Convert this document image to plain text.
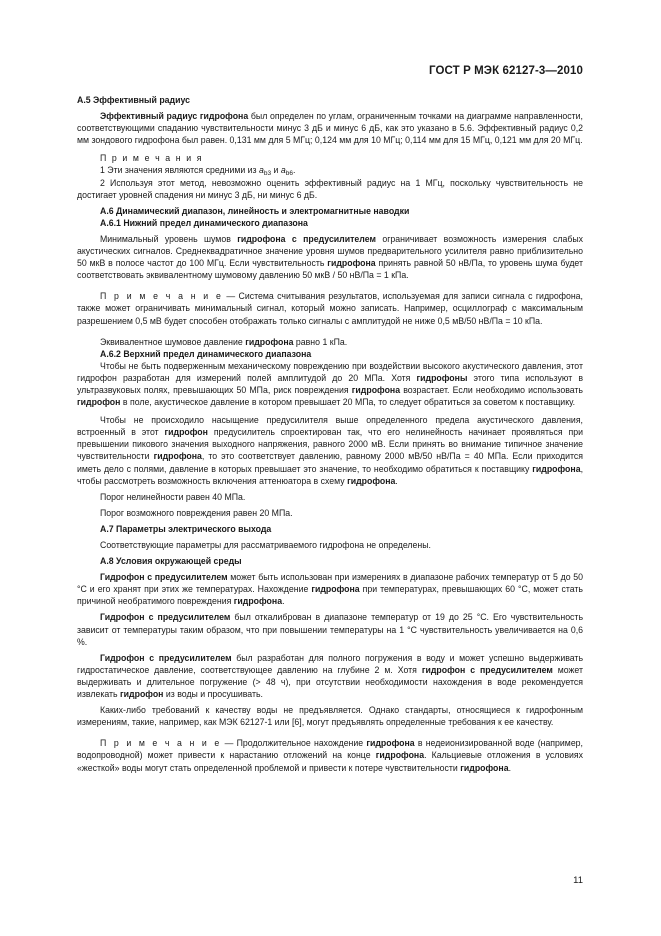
ГОСТ Р МЭК 62127-3—2010

А.5 Эффективный радиус

Эффективный радиус гидрофона был определен по углам, ограниченным точками на диаграмме направленности, соответствующими спаданию чувствительности минус 3 дБ и минус 6 дБ, как это указано в 5.6. Эффективный радиус 0,2 мм зондового гидрофона был равен. 0,131 мм для 5 МГц; 0,124 мм для 10 МГц; 0,114 мм для 15 МГц, 0,121 мм для 20 МГц.

П р и м е ч а н и я

1 Эти значения являются средними из $a_{b3}$ и $a_{b6}$.

2 Используя этот метод, невозможно оценить эффективный радиус на 1 МГц, поскольку чувствительность не достигает уровней спадения ни минус 3 дБ, ни минус 6 дБ.

А.6 Динамический диапазон, линейность и электромагнитные наводки

А.6.1 Нижний предел динамического диапазона

Минимальный уровень шумов гидрофона с предусилителем ограничивает возможность измерения слабых акустических сигналов. Среднеквадратичное значение уровня шумов предварительного усилителя равно приблизительно 50 мкВ в полосе частот до 100 МГц. Если чувствительность гидрофона принять равной 50 нВ/Па, то уровень шума будет соответствовать эквивалентному шумовому давлению 50 мкВ / 50 нВ/Па = 1 кПа.

П р и м е ч а н и е — Система считывания результатов, используемая для записи сигнала с гидрофона, также может ограничивать минимальный сигнал, который можно записать. Например, осциллограф с максимальным разрешением 0,5 мВ будет способен отображать только сигналы с амплитудой не ниже 0,5 мВ/50 нВ/Па = 10 кПа.

Эквивалентное шумовое давление гидрофона равно 1 кПа.

А.6.2 Верхний предел динамического диапазона

Чтобы не быть подверженным механическому повреждению при воздействии высокого акустического давления, этот гидрофон разработан для измерений полей амплитудой до 20 МПа. Хотя гидрофоны этого типа используют в ультразвуковых полях, превышающих 50 МПа, риск повреждения гидрофона возрастает. Если необходимо использовать гидрофон в поле, акустическое давление в котором превышает 20 МПа, то следует обратиться за советом к поставщику.

Чтобы не происходило насыщение предусилителя выше определенного предела акустического давления, встроенный в этот гидрофон предусилитель спроектирован так, что его нелинейность начинает проявляться при превышении пикового значения выходного напряжения, равного 2000 мВ. Если принять во внимание типичное значение чувствительности гидрофона, то это соответствует давлению, равному 2000 мВ/50 нВ/Па = 40 МПа. Если приходится иметь дело с полями, давление в которых превышает это значение, то необходимо обратиться к поставщику гидрофона, чтобы рассмотреть возможность включения аттенюатора в схему гидрофона.

Порог нелинейности равен 40 МПа.

Порог возможного повреждения равен 20 МПа.

А.7 Параметры электрического выхода

Соответствующие параметры для рассматриваемого гидрофона не определены.

А.8 Условия окружающей среды

Гидрофон с предусилителем может быть использован при измерениях в диапазоне рабочих температур от 5 до 50 °С и его хранят при этих же температурах. Нахождение гидрофона при температурах, превышающих 60 °С, может стать причиной необратимого повреждения гидрофона.

Гидрофон с предусилителем был откалиброван в диапазоне температур от 19 до 25 °С. Его чувствительность зависит от температуры таким образом, что при повышении температуры на 1 °С чувствительность увеличивается на 0,6 %.

Гидрофон с предусилителем был разработан для полного погружения в воду и может успешно выдерживать гидростатическое давление, соответствующее давлению на глубине 2 м. Хотя гидрофон с предусилителем может выдерживать и длительное погружение (> 48 ч), при отсутствии необходимости нахождения в воде рекомендуется извлекать гидрофон из воды и просушивать.

Каких-либо требований к качеству воды не предъявляется. Однако стандарты, относящиеся к гидрофонным измерениям, такие, например, как МЭК 62127-1 или [6], могут предъявлять определенные требования к ее качеству.

П р и м е ч а н и е — Продолжительное нахождение гидрофона в недеионизированной воде (например, водопроводной) может привести к нарастанию отложений на конце гидрофона. Кальциевые отложения в условиях «жесткой» воды могут стать определенной проблемой и привести к потере чувствительности гидрофона.

11
